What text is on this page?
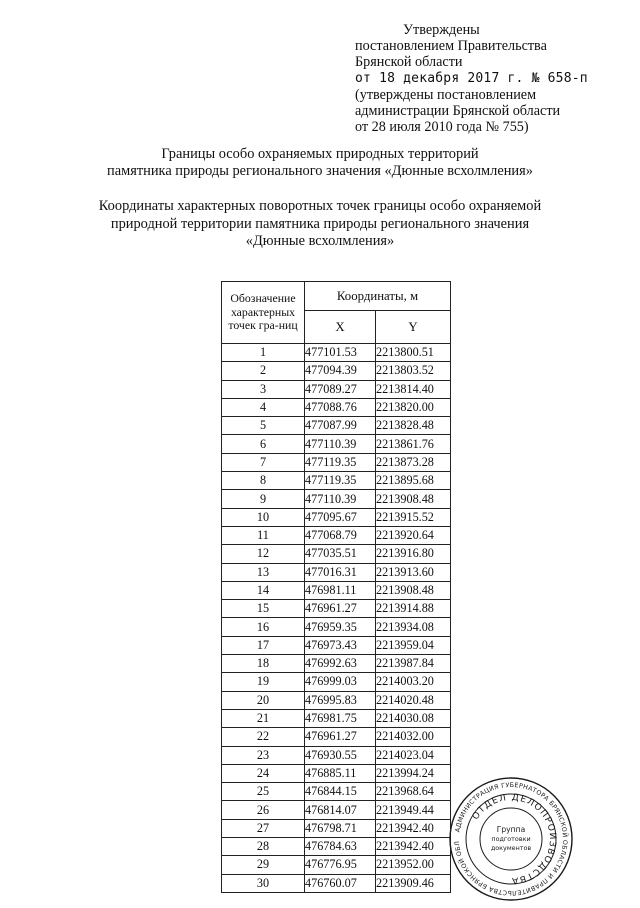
Утверждены
постановлением Правительства
Брянской области
от 18 декабря 2017 г. № 658-п
(утверждены постановлением
администрации Брянской области
от 28 июля 2010 года № 755)
Границы особо охраняемых природных территорий
памятника природы регионального значения «Дюнные всхолмления»
Координаты характерных поворотных точек границы особо охраняемой
природной территории памятника природы регионального значения
«Дюнные всхолмления»
Обозначение характерных точек гра-ниц	Координаты, м	
	X	Y
1	477101.53	2213800.51
2	477094.39	2213803.52
3	477089.27	2213814.40
4	477088.76	2213820.00
5	477087.99	2213828.48
6	477110.39	2213861.76
7	477119.35	2213873.28
8	477119.35	2213895.68
9	477110.39	2213908.48
10	477095.67	2213915.52
11	477068.79	2213920.64
12	477035.51	2213916.80
13	477016.31	2213913.60
14	476981.11	2213908.48
15	476961.27	2213914.88
16	476959.35	2213934.08
17	476973.43	2213959.04
18	476992.63	2213987.84
19	476999.03	2214003.20
20	476995.83	2214020.48
21	476981.75	2214030.08
22	476961.27	2214032.00
23	476930.55	2214023.04
24	476885.11	2213994.24
25	476844.15	2213968.64
26	476814.07	2213949.44
27	476798.71	2213942.40
28	476784.63	2213942.40
29	476776.95	2213952.00
30	476760.07	2213909.46
АДМИНИСТРАЦИЯ ГУБЕРНАТОРА БРЯНСКОЙ ОБЛАСТИ И ПРАВИТЕЛЬСТВА БРЯНСКОЙ ОБЛ
ОТДЕЛ ДЕЛОПРОИЗВОДСТВА
Группа
подготовки
документов
